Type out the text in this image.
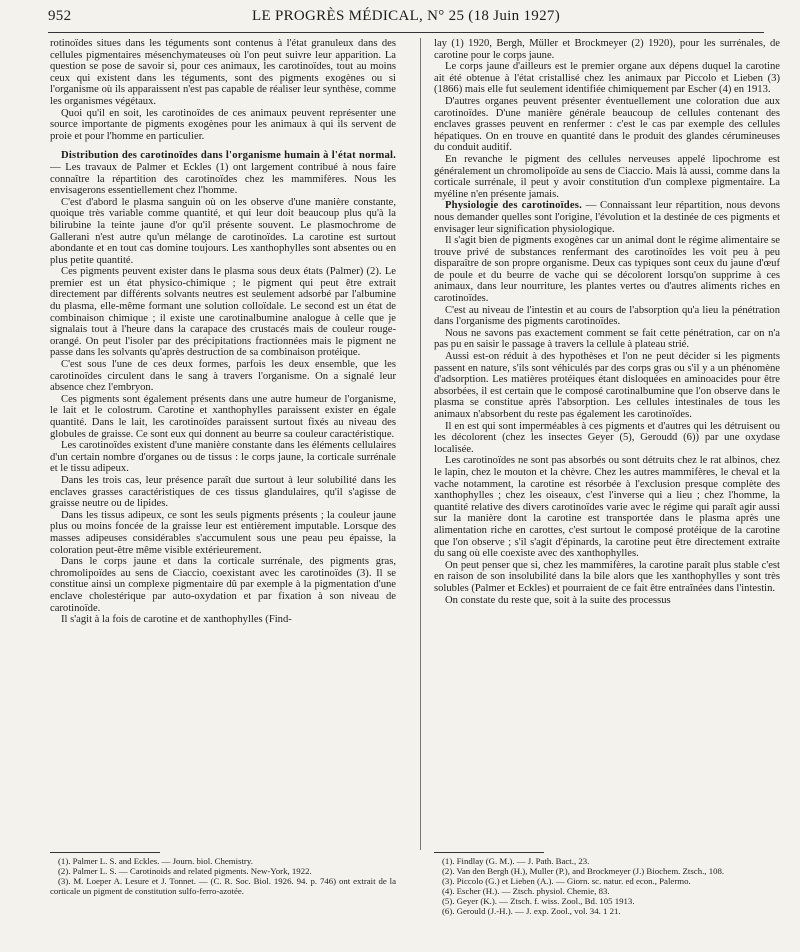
952	LE PROGRÈS MÉDICAL, N° 25 (18 Juin 1927)

rotinoïdes situes dans les téguments sont contenus à l'état granuleux dans des cellules pigmentaires mésenchymateuses où l'on peut suivre leur apparition. La question se pose de savoir si, pour ces animaux, les carotinoïdes, tout au moins ceux qui existent dans les téguments, sont des pigments exogènes ou si l'organisme où ils apparaissent n'est pas capable de réaliser leur synthèse, comme les organismes végétaux.

Quoi qu'il en soit, les carotinoïdes de ces animaux peuvent représenter une source importante de pigments exogènes pour les animaux à qui ils servent de proie et pour l'homme en particulier.

Distribution des carotinoïdes dans l'organisme humain à l'état normal. — Les travaux de Palmer et Eckles (1) ont largement contribué à nous faire connaître la répartition des carotinoïdes chez les mammifères. Nous les envisagerons essentiellement chez l'homme.

C'est d'abord le plasma sanguin où on les observe d'une manière constante, quoique très variable comme quantité, et qui leur doit beaucoup plus qu'à la bilirubine la teinte jaune d'or qu'il présente souvent. Le plasmochrome de Gallerani n'est autre qu'un mélange de carotinoïdes. La carotine est surtout abondante et en tout cas domine toujours. Les xanthophylles sont absentes ou en plus petite quantité.

Ces pigments peuvent exister dans le plasma sous deux états (Palmer) (2). Le premier est un état physico-chimique ; le pigment qui peut être extrait directement par différents solvants neutres est seulement adsorbé par l'albumine du plasma, elle-même formant une solution colloïdale. Le second est un état de combinaison chimique ; il existe une carotinalbumine analogue à celle que je signalais tout à l'heure dans la carapace des crustacés mais de couleur rouge-orangé. On peut l'isoler par des précipitations fractionnées mais le pigment ne passe dans les solvants qu'après destruction de sa combinaison protéique.

C'est sous l'une de ces deux formes, parfois les deux ensemble, que les carotinoïdes circulent dans le sang à travers l'organisme. On a signalé leur absence chez l'embryon.

Ces pigments sont également présents dans une autre humeur de l'organisme, le lait et le colostrum. Carotine et xanthophylles paraissent exister en égale quantité. Dans le lait, les carotinoïdes paraissent surtout fixés au niveau des globules de graisse. Ce sont eux qui donnent au beurre sa couleur caractéristique.

Les carotinoïdes existent d'une manière constante dans les éléments cellulaires d'un certain nombre d'organes ou de tissus : le corps jaune, la corticale surrénale et le tissu adipeux.

Dans les trois cas, leur présence paraît due surtout à leur solubilité dans les enclaves grasses caractéristiques de ces tissus glandulaires, qu'il s'agisse de graisse neutre ou de lipides.

Dans les tissus adipeux, ce sont les seuls pigments présents ; la couleur jaune plus ou moins foncée de la graisse leur est entièrement imputable. Lorsque des masses adipeuses considérables s'accumulent sous une peau peu épaisse, la coloration peut-être même visible extérieurement.

Dans le corps jaune et dans la corticale surrénale, des pigments gras, chromolipoïdes au sens de Ciaccio, coexistant avec les carotinoïdes (3). Il se constitue ainsi un complexe pigmentaire dû par exemple à la pigmentation d'une enclave cholestérique par auto-oxydation et par fixation à son niveau de carotinoïde.

Il s'agit à la fois de carotine et de xanthophylles (Find-

lay (1) 1920, Bergh, Müller et Brockmeyer (2) 1920), pour les surrénales, de carotine pour le corps jaune.

Le corps jaune d'ailleurs est le premier organe aux dépens duquel la carotine ait été obtenue à l'état cristallisé chez les animaux par Piccolo et Lieben (3) (1866) mais elle fut seulement identifiée chimiquement par Escher (4) en 1913.

D'autres organes peuvent présenter éventuellement une coloration due aux carotinoïdes. D'une manière générale beaucoup de cellules contenant des enclaves grasses peuvent en renfermer : c'est le cas par exemple des cellules hépatiques. On en trouve en quantité dans le produit des glandes cérumineuses du conduit auditif.

En revanche le pigment des cellules nerveuses appelé lipochrome est généralement un chromolipoïde au sens de Ciaccio. Mais là aussi, comme dans la corticale surrénale, il peut y avoir constitution d'un complexe pigmentaire. La myéline n'en présente jamais.

Physiologie des carotinoïdes. — Connaissant leur répartition, nous devons nous demander quelles sont l'origine, l'évolution et la destinée de ces pigments et envisager leur signification physiologique.

Il s'agit bien de pigments exogènes car un animal dont le régime alimentaire se trouve privé de substances renfermant des carotinoïdes les voit peu à peu disparaître de son propre organisme. Deux cas typiques sont ceux du jaune d'œuf de poule et du beurre de vache qui se décolorent lorsqu'on supprime à ces animaux, dans leur nourriture, les plantes vertes ou d'autres aliments riches en carotinoïdes.

C'est au niveau de l'intestin et au cours de l'absorption qu'a lieu la pénétration dans l'organisme des pigments carotinoïdes.

Nous ne savons pas exactement comment se fait cette pénétration, car on n'a pas pu en saisir le passage à travers la cellule à plateau strié.

Aussi est-on réduit à des hypothèses et l'on ne peut décider si les pigments passent en nature, s'ils sont véhiculés par des corps gras ou s'il y a un phénomène d'adsorption. Les matières protéiques étant disloquées en aminoacides pour être absorbées, il est certain que le composé carotinalbumine que l'on observe dans le plasma se constitue après l'absorption. Les cellules intestinales de tous les animaux n'absorbent du reste pas également les carotinoïdes.

Il en est qui sont imperméables à ces pigments et d'autres qui les détruisent ou les décolorent (chez les insectes Geyer (5), Geroudd (6)) par une oxydase localisée.

Les carotinoïdes ne sont pas absorbés ou sont détruits chez le rat albinos, chez le lapin, chez le mouton et la chèvre. Chez les autres mammifères, le cheval et la vache notamment, la carotine est résorbée à l'exclusion presque complète des xanthophylles ; chez les oiseaux, c'est l'inverse qui a lieu ; chez l'homme, la quantité relative des divers carotinoïdes varie avec le régime qui paraît agir aussi sur la manière dont la carotine est transportée dans le plasma après une alimentation riche en carottes, c'est surtout le composé protéique de la carotine que l'on observe ; s'il s'agit d'épinards, la carotine peut être directement extraite du sang où elle coexiste avec des xanthophylles.

On peut penser que si, chez les mammifères, la carotine paraît plus stable c'est en raison de son insolubilité dans la bile alors que les xanthophylles y sont très solubles (Palmer et Eckles) et pourraient de ce fait être entraînées dans l'intestin.

On constate du reste que, soit à la suite des processus

(1). Palmer L. S. and Eckles. — Journ. biol. Chemistry.
(2). Palmer L. S. — Carotinoids and related pigments. New-York, 1922.
(3). M. Loeper A. Lesure et J. Tonnet. — (C. R. Soc. Biol. 1926. 94. p. 746) ont extrait de la corticale un pigment de constitution sulfo-ferro-azotée.
(1). Findlay (G. M.). — J. Path. Bact., 23.
(2). Van den Bergh (H.), Muller (P.), and Brockmeyer (J.) Biochem. Ztsch., 108.
(3). Piccolo (G.) et Lieben (A.). — Giorn. sc. natur. ed econ., Palermo.
(4). Escher (H.). — Ztsch. physiol. Chemie, 83.
(5). Geyer (K.). — Ztsch. f. wiss. Zool., Bd. 105 1913.
(6). Gerould (J.-H.). — J. exp. Zool., vol. 34. 1 21.
